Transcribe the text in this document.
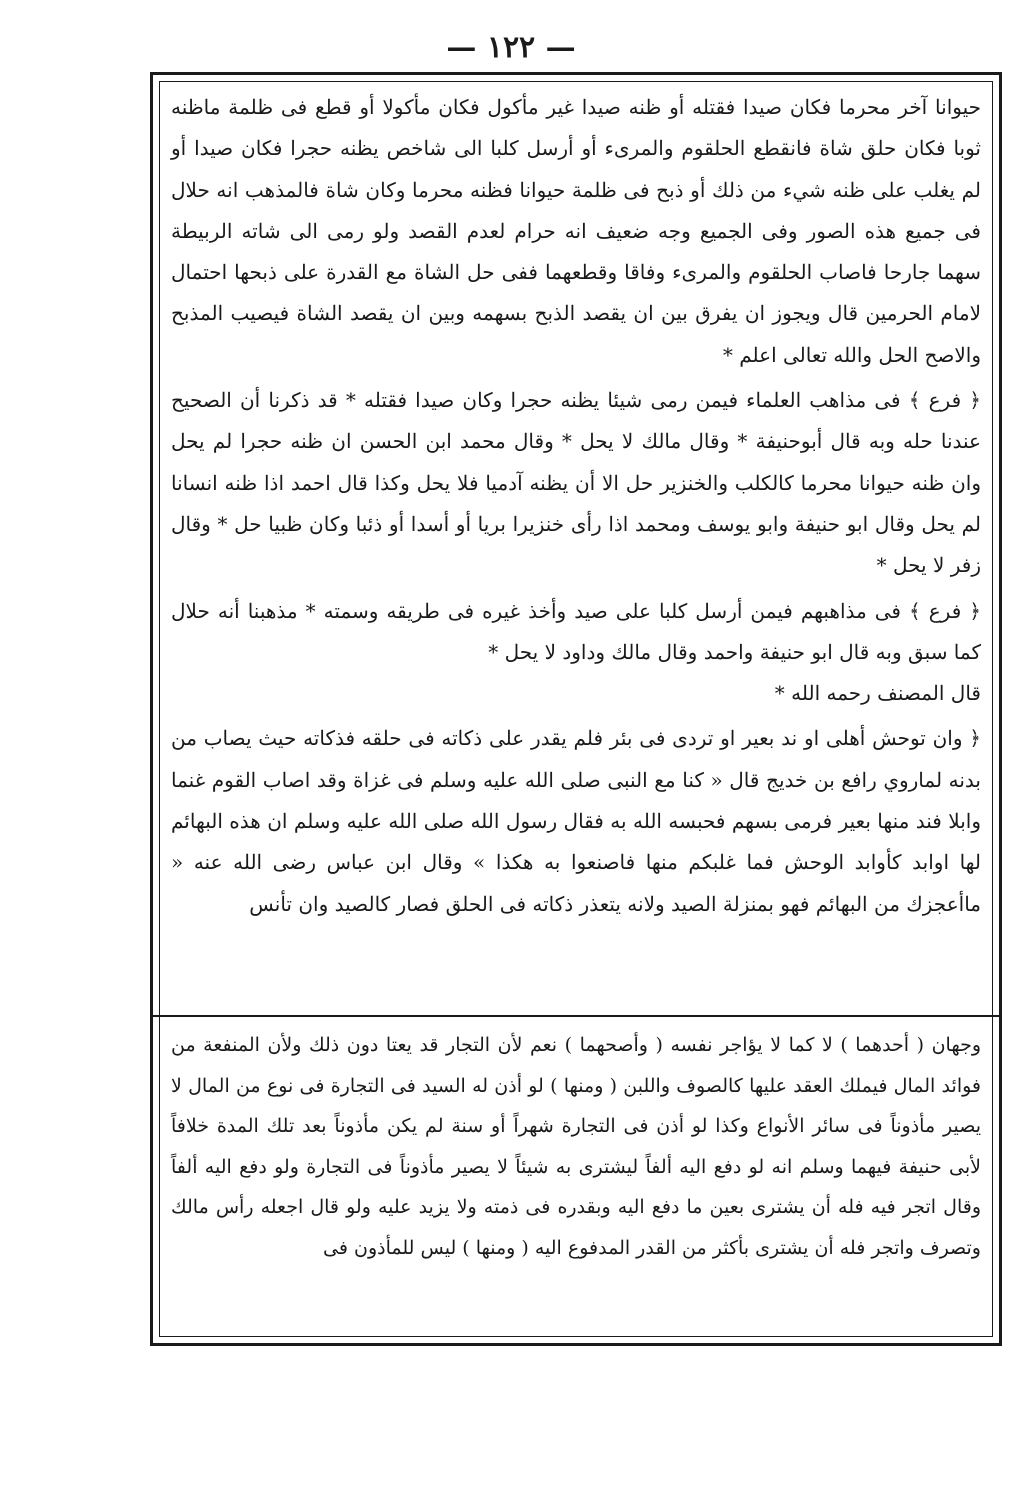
— ١٢٢ —

حيوانا آخر محرما فكان صيدا فقتله أو ظنه صيدا غير مأكول فكان مأكولا أو قطع فى ظلمة ماظنه ثوبا فكان حلق شاة فانقطع الحلقوم والمرىء أو أرسل كلبا الى شاخص يظنه حجرا فكان صيدا أو لم يغلب على ظنه شيء من ذلك أو ذبح فى ظلمة حيوانا فظنه محرما وكان شاة فالمذهب انه حلال فى جميع هذه الصور وفى الجميع وجه ضعيف انه حرام لعدم القصد ولو رمى الى شاته الربيطة سهما جارحا فاصاب الحلقوم والمرىء وفاقا وقطعهما ففى حل الشاة مع القدرة على ذبحها احتمال لامام الحرمين قال ويجوز ان يفرق بين ان يقصد الذبح بسهمه وبين ان يقصد الشاة فيصيب المذبح والاصح الحل والله تعالى اعلم *

﴿ فرع ﴾ فى مذاهب العلماء فيمن رمى شيئا يظنه حجرا وكان صيدا فقتله * قد ذكرنا أن الصحيح عندنا حله وبه قال أبوحنيفة * وقال مالك لا يحل * وقال محمد ابن الحسن ان ظنه حجرا لم يحل وان ظنه حيوانا محرما كالكلب والخنزير حل الا أن يظنه آدميا فلا يحل وكذا قال احمد اذا ظنه انسانا لم يحل وقال ابو حنيفة وابو يوسف ومحمد اذا رأى خنزيرا بريا أو أسدا أو ذئبا وكان ظبيا حل * وقال زفر لا يحل *

﴿ فرع ﴾ فى مذاهبهم فيمن أرسل كلبا على صيد وأخذ غيره فى طريقه وسمته * مذهبنا أنه حلال كما سبق وبه قال ابو حنيفة واحمد وقال مالك وداود لا يحل *

قال المصنف رحمه الله *

﴿ وان توحش أهلى او ند بعير او تردى فى بئر فلم يقدر على ذكاته فى حلقه فذكاته حيث يصاب من بدنه لماروي رافع بن خديج قال « كنا مع النبى صلى الله عليه وسلم فى غزاة وقد اصاب القوم غنما وابلا فند منها بعير فرمى بسهم فحبسه الله به فقال رسول الله صلى الله عليه وسلم ان هذه البهائم لها اوابد كأوابد الوحش فما غلبكم منها فاصنعوا به هكذا » وقال ابن عباس رضى الله عنه « ماأعجزك من البهائم فهو بمنزلة الصيد ولانه يتعذر ذكاته فى الحلق فصار كالصيد وان تأنس

وجهان ( أحدهما ) لا كما لا يؤاجر نفسه ( وأصحهما ) نعم لأن التجار قد يعتا دون ذلك ولأن المنفعة من فوائد المال فيملك العقد عليها كالصوف واللبن ( ومنها ) لو أذن له السيد فى التجارة فى نوع من المال لا يصير مأذوناً فى سائر الأنواع وكذا لو أذن فى التجارة شهراً أو سنة لم يكن مأذوناً بعد تلك المدة خلافاً لأبى حنيفة فيهما وسلم انه لو دفع اليه ألفاً ليشترى به شيئاً لا يصير مأذوناً فى التجارة ولو دفع اليه ألفاً وقال اتجر فيه فله أن يشترى بعين ما دفع اليه وبقدره فى ذمته ولا يزيد عليه ولو قال اجعله رأس مالك وتصرف واتجر فله أن يشترى بأكثر من القدر المدفوع اليه ( ومنها ) ليس للمأذون فى
